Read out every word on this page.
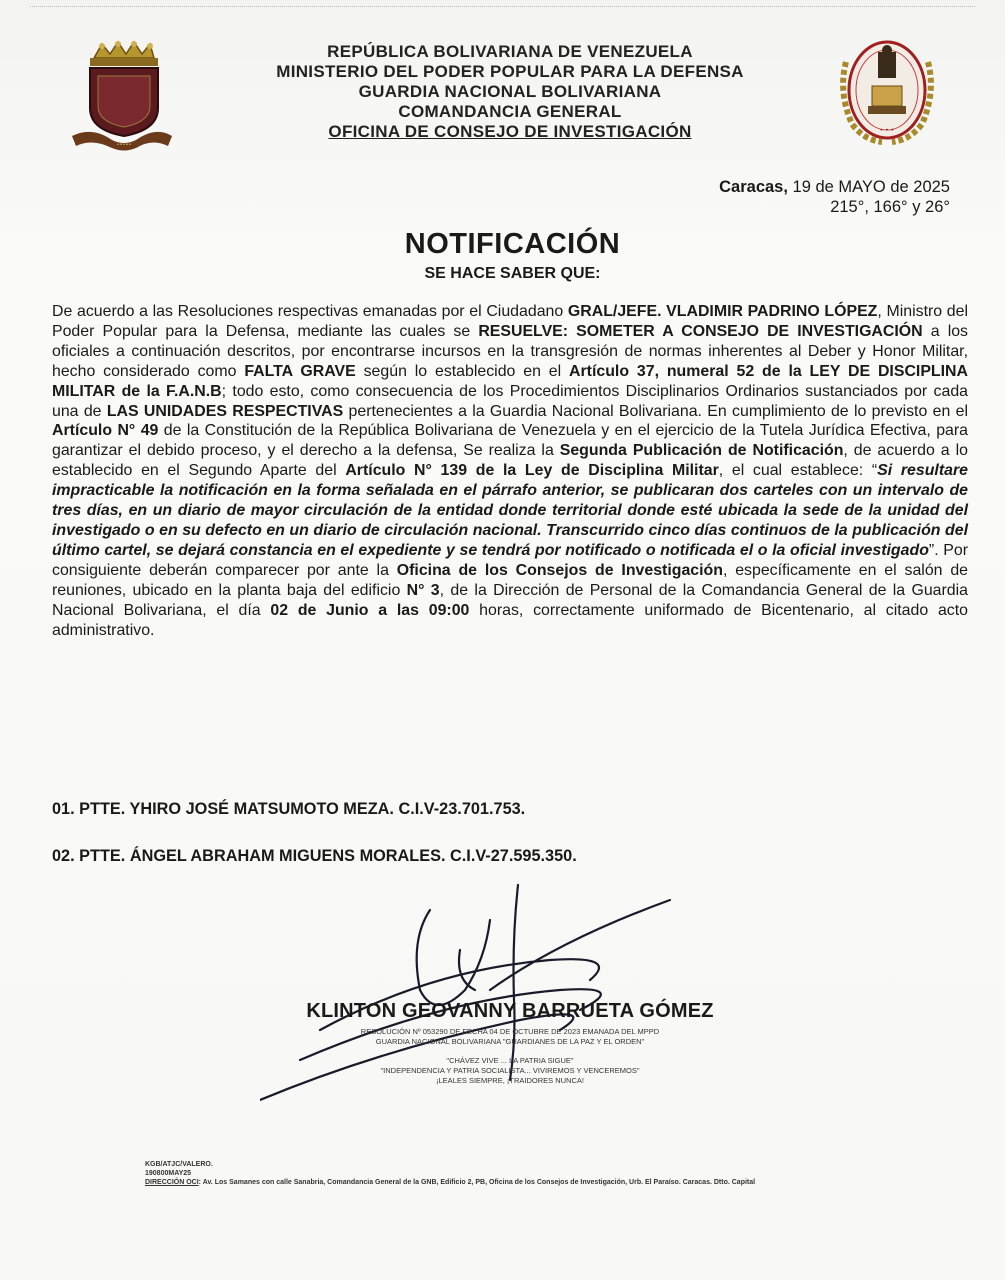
•••••
• • •
REPÚBLICA BOLIVARIANA DE VENEZUELA
MINISTERIO DEL PODER POPULAR PARA LA DEFENSA
GUARDIA NACIONAL BOLIVARIANA
COMANDANCIA GENERAL
OFICINA DE CONSEJO DE INVESTIGACIÓN
Caracas, 19 de MAYO de 2025
215°, 166° y 26°
NOTIFICACIÓN
SE HACE SABER QUE:
De acuerdo a las Resoluciones respectivas emanadas por el Ciudadano GRAL/JEFE. VLADIMIR PADRINO LÓPEZ, Ministro del Poder Popular para la Defensa, mediante las cuales se RESUELVE: SOMETER A CONSEJO DE INVESTIGACIÓN a los oficiales a continuación descritos, por encontrarse incursos en la transgresión de normas inherentes al Deber y Honor Militar, hecho considerado como FALTA GRAVE según lo establecido en el Artículo 37, numeral 52 de la LEY DE DISCIPLINA MILITAR de la F.A.N.B; todo esto, como consecuencia de los Procedimientos Disciplinarios Ordinarios sustanciados por cada una de LAS UNIDADES RESPECTIVAS pertenecientes a la Guardia Nacional Bolivariana. En cumplimiento de lo previsto en el Artículo N° 49 de la Constitución de la República Bolivariana de Venezuela y en el ejercicio de la Tutela Jurídica Efectiva, para garantizar el debido proceso, y el derecho a la defensa, Se realiza la Segunda Publicación de Notificación, de acuerdo a lo establecido en el Segundo Aparte del Artículo N° 139 de la Ley de Disciplina Militar, el cual establece: “Si resultare impracticable la notificación en la forma señalada en el párrafo anterior, se publicaran dos carteles con un intervalo de tres días, en un diario de mayor circulación de la entidad donde territorial donde esté ubicada la sede de la unidad del investigado o en su defecto en un diario de circulación nacional. Transcurrido cinco días continuos de la publicación del último cartel, se dejará constancia en el expediente y se tendrá por notificado o notificada el o la oficial investigado”. Por consiguiente deberán comparecer por ante la Oficina de los Consejos de Investigación, específicamente en el salón de reuniones, ubicado en la planta baja del edificio N° 3, de la Dirección de Personal de la Comandancia General de la Guardia Nacional Bolivariana, el día 02 de Junio a las 09:00 horas, correctamente uniformado de Bicentenario, al citado acto administrativo.
01. PTTE. YHIRO JOSÉ MATSUMOTO MEZA. C.I.V-23.701.753.
02. PTTE. ÁNGEL ABRAHAM MIGUENS MORALES. C.I.V-27.595.350.
KLINTON GEOVANNY BARRUETA GÓMEZ
RESOLUCIÓN Nº 053290 DE FECHA 04 DE OCTUBRE DE 2023 EMANADA DEL MPPD
GUARDIA NACIONAL BOLIVARIANA "GUARDIANES DE LA PAZ Y EL ORDEN"
"CHÁVEZ VIVE ... LA PATRIA SIGUE"
"INDEPENDENCIA Y PATRIA SOCIALISTA... VIVIREMOS Y VENCEREMOS"
¡LEALES SIEMPRE, ¡TRAIDORES NUNCA!
KGB/ATJC/VALERO.
190800MAY25
DIRECCIÓN OCI: Av. Los Samanes con calle Sanabria, Comandancia General de la GNB, Edificio 2, PB, Oficina de los Consejos de Investigación, Urb. El Paraíso. Caracas. Dtto. Capital
